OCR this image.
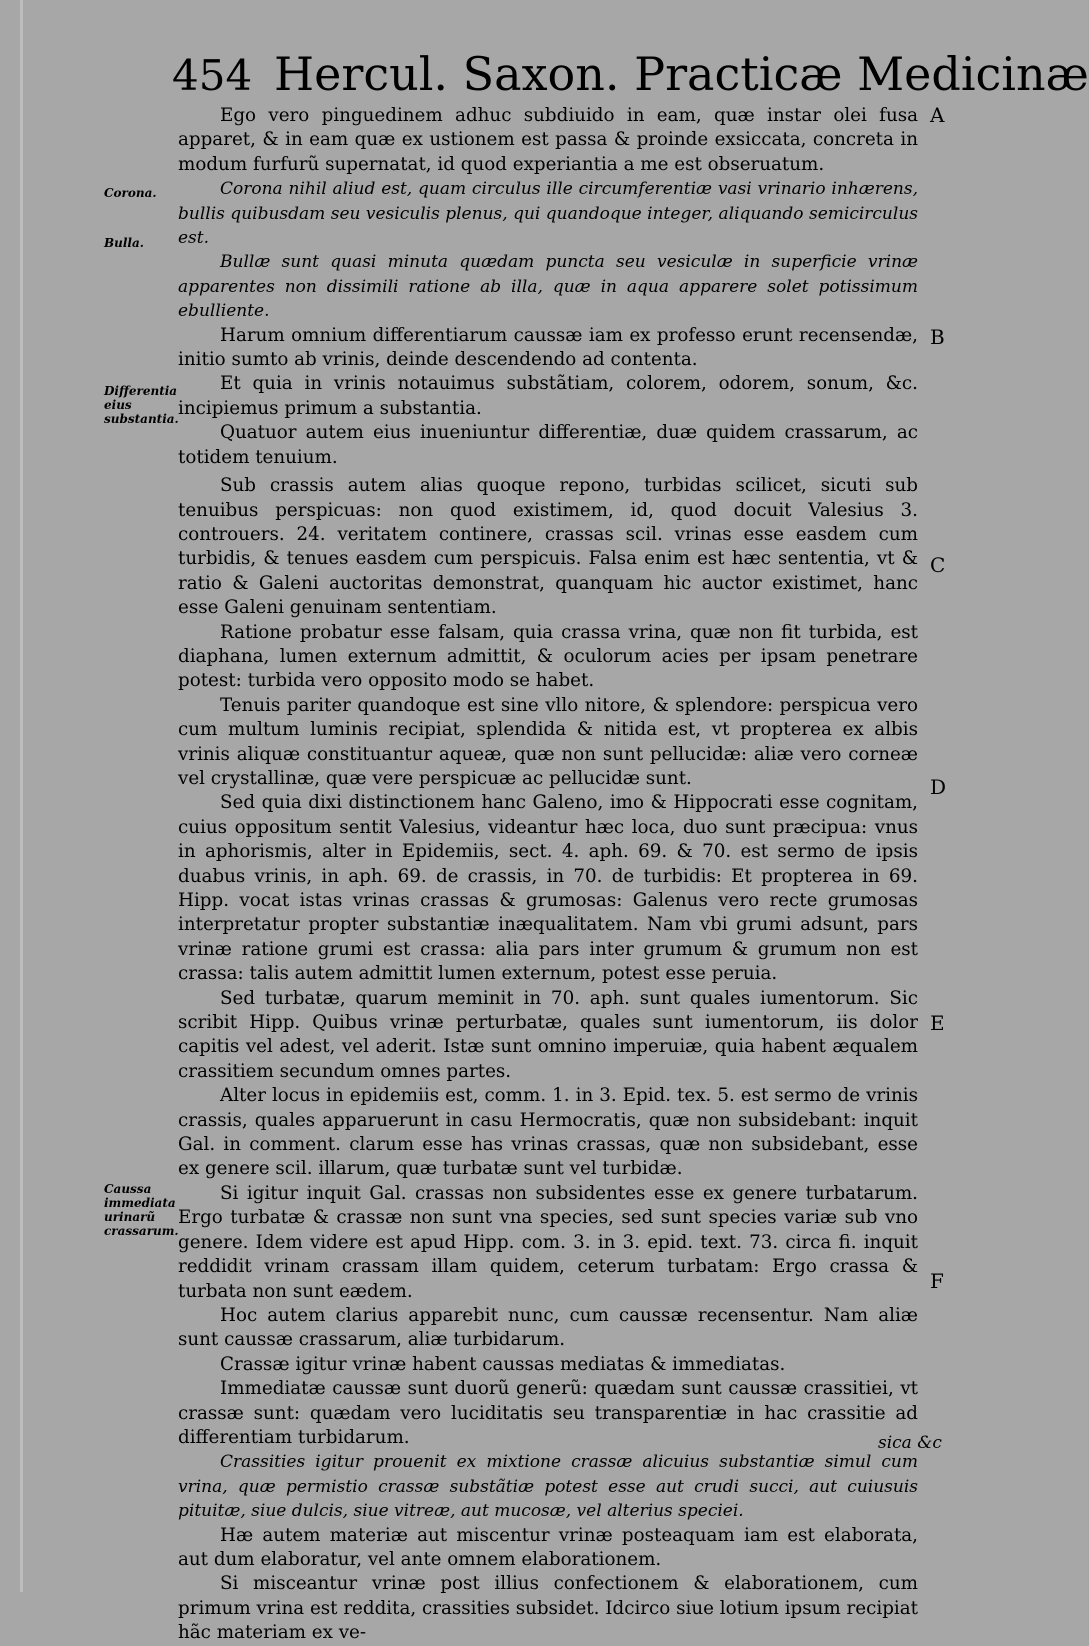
454 Hercul. Saxon. Practicæ Medicinæ
Corona.
Bulla.
Differentia eius substantia.
Caussa immediata urinarũ crassarum.
A
B
C
D
E
F

Ego vero pinguedinem adhuc subdiuido in eam, quæ instar olei fusa apparet, & in eam quæ ex ustionem est passa & proinde exsiccata, concreta in modum furfurũ supernatat, id quod experiantia a me est obseruatum.

Corona nihil aliud est, quam circulus ille circumferentiæ vasi vrinario inhærens, bullis quibusdam seu vesiculis plenus, qui quandoque integer, aliquando semicirculus est.

Bullæ sunt quasi minuta quædam puncta seu vesiculæ in superficie vrinæ apparentes non dissimili ratione ab illa, quæ in aqua apparere solet potissimum ebulliente.

Harum omnium differentiarum caussæ iam ex professo erunt recensendæ, initio sumto ab vrinis, deinde descendendo ad contenta.

Et quia in vrinis notauimus substãtiam, colorem, odorem, sonum, &c. incipiemus primum a substantia.

Quatuor autem eius inueniuntur differentiæ, duæ quidem crassarum, ac totidem tenuium.

Sub crassis autem alias quoque repono, turbidas scilicet, sicuti sub tenuibus perspicuas: non quod existimem, id, quod docuit Valesius 3. controuers. 24. veritatem continere, crassas scil. vrinas esse easdem cum turbidis, & tenues easdem cum perspicuis. Falsa enim est hæc sententia, vt & ratio & Galeni auctoritas demonstrat, quanquam hic auctor existimet, hanc esse Galeni genuinam sententiam.

Ratione probatur esse falsam, quia crassa vrina, quæ non fit turbida, est diaphana, lumen externum admittit, & oculorum acies per ipsam penetrare potest: turbida vero opposito modo se habet.

Tenuis pariter quandoque est sine vllo nitore, & splendore: perspicua vero cum multum luminis recipiat, splendida & nitida est, vt propterea ex albis vrinis aliquæ constituantur aqueæ, quæ non sunt pellucidæ: aliæ vero corneæ vel crystallinæ, quæ vere perspicuæ ac pellucidæ sunt.

Sed quia dixi distinctionem hanc Galeno, imo & Hippocrati esse cognitam, cuius oppositum sentit Valesius, videantur hæc loca, duo sunt præcipua: vnus in aphorismis, alter in Epidemiis, sect. 4. aph. 69. & 70. est sermo de ipsis duabus vrinis, in aph. 69. de crassis, in 70. de turbidis: Et propterea in 69. Hipp. vocat istas vrinas crassas & grumosas: Galenus vero recte grumosas interpretatur propter substantiæ inæqualitatem. Nam vbi grumi adsunt, pars vrinæ ratione grumi est crassa: alia pars inter grumum & grumum non est crassa: talis autem admittit lumen externum, potest esse peruia.

Sed turbatæ, quarum meminit in 70. aph. sunt quales iumentorum. Sic scribit Hipp. Quibus vrinæ perturbatæ, quales sunt iumentorum, iis dolor capitis vel adest, vel aderit. Istæ sunt omnino imperuiæ, quia habent æqualem crassitiem secundum omnes partes.

Alter locus in epidemiis est, comm. 1. in 3. Epid. tex. 5. est sermo de vrinis crassis, quales apparuerunt in casu Hermocratis, quæ non subsidebant: inquit Gal. in comment. clarum esse has vrinas crassas, quæ non subsidebant, esse ex genere scil. illarum, quæ turbatæ sunt vel turbidæ.

Si igitur inquit Gal. crassas non subsidentes esse ex genere turbatarum. Ergo turbatæ & crassæ non sunt vna species, sed sunt species variæ sub vno genere. Idem videre est apud Hipp. com. 3. in 3. epid. text. 73. circa fi. inquit reddidit vrinam crassam illam quidem, ceterum turbatam: Ergo crassa & turbata non sunt eædem.

Hoc autem clarius apparebit nunc, cum caussæ recensentur. Nam aliæ sunt caussæ crassarum, aliæ turbidarum.

Crassæ igitur vrinæ habent caussas mediatas & immediatas.

Immediatæ caussæ sunt duorũ generũ: quædam sunt caussæ crassitiei, vt crassæ sunt: quædam vero luciditatis seu transparentiæ in hac crassitie ad differentiam turbidarum.

Crassities igitur prouenit ex mixtione crassæ alicuius substantiæ simul cum vrina, quæ permistio crassæ substãtiæ potest esse aut crudi succi, aut cuiusuis pituitæ, siue dulcis, siue vitreæ, aut mucosæ, vel alterius speciei.

Hæ autem materiæ aut miscentur vrinæ posteaquam iam est elaborata, aut dum elaboratur, vel ante omnem elaborationem.

Si misceantur vrinæ post illius confectionem & elaborationem, cum primum vrina est reddita, crassities subsidet. Idcirco siue lotium ipsum recipiat hãc materiam ex ve-

sica &c
